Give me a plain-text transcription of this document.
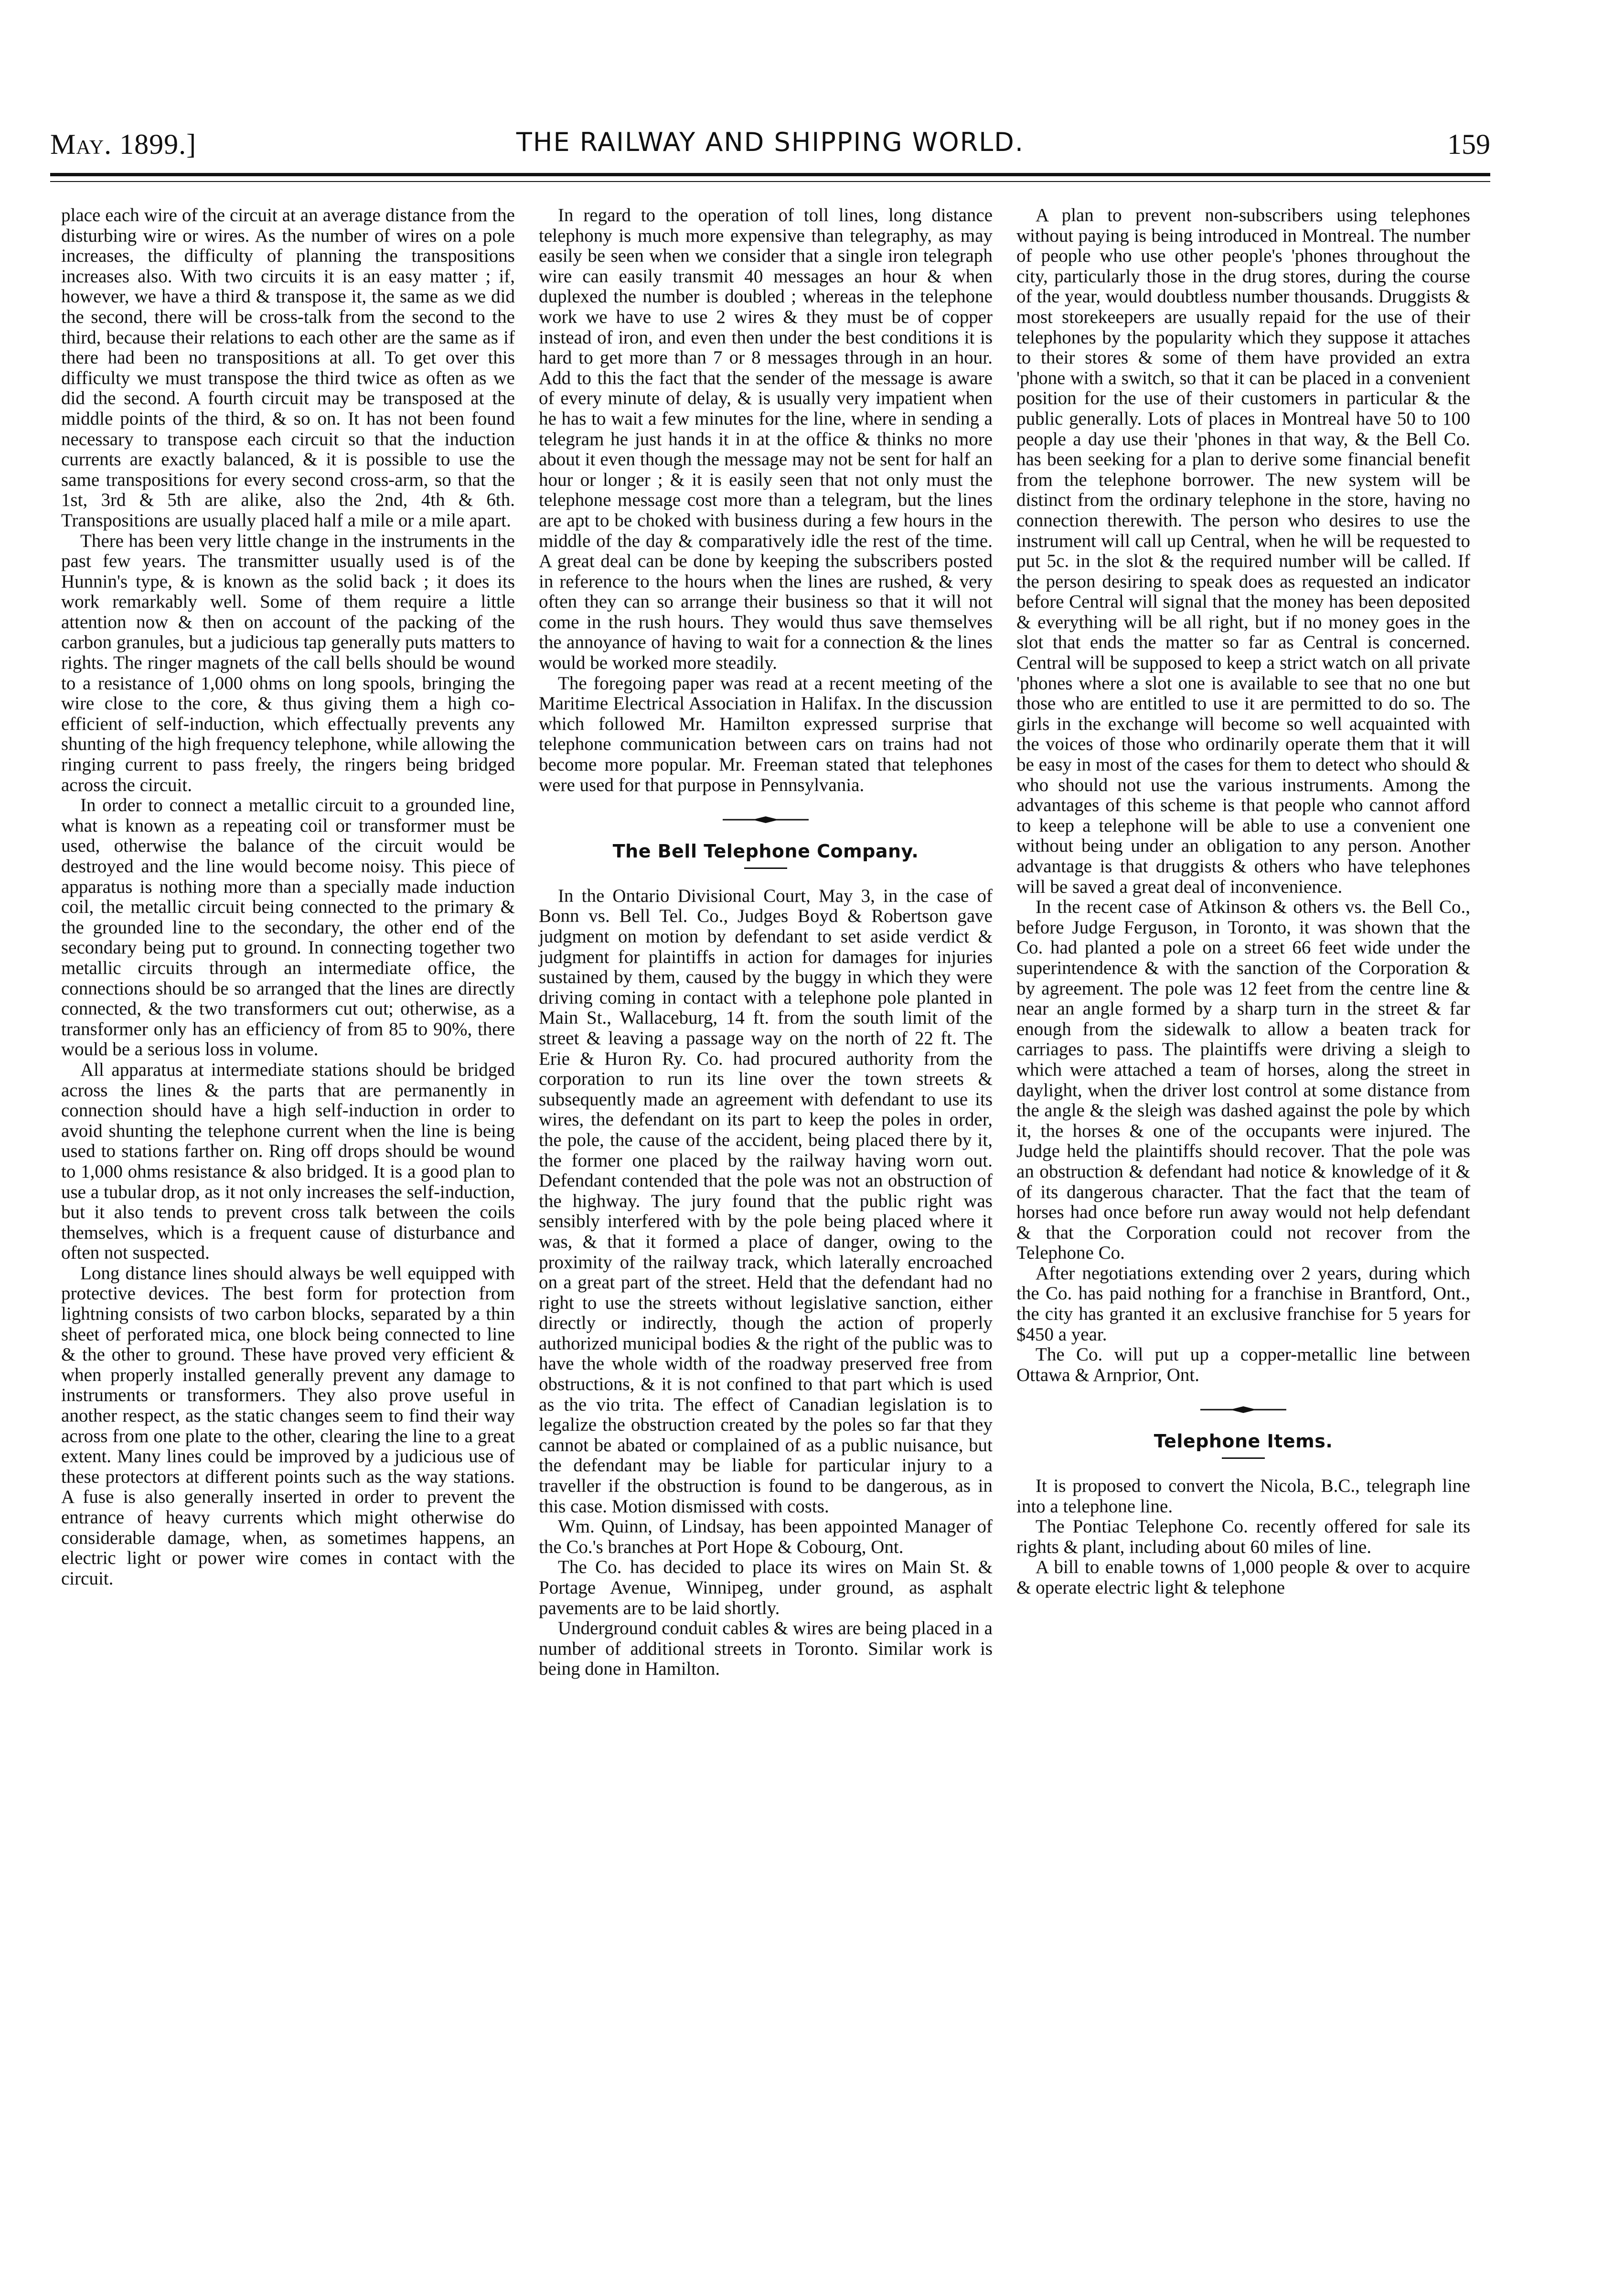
May. 1899.]	THE RAILWAY AND SHIPPING WORLD.	159

place each wire of the circuit at an average distance from the disturbing wire or wires. As the number of wires on a pole increases, the difficulty of planning the transpositions increases also. With two circuits it is an easy matter ; if, however, we have a third & transpose it, the same as we did the second, there will be cross-talk from the second to the third, because their relations to each other are the same as if there had been no transpositions at all. To get over this difficulty we must transpose the third twice as often as we did the second. A fourth circuit may be transposed at the middle points of the third, & so on. It has not been found necessary to transpose each circuit so that the induction currents are exactly balanced, & it is possible to use the same transpositions for every second cross-arm, so that the 1st, 3rd & 5th are alike, also the 2nd, 4th & 6th. Transpositions are usually placed half a mile or a mile apart.

There has been very little change in the instruments in the past few years. The transmitter usually used is of the Hunnin's type, & is known as the solid back ; it does its work remarkably well. Some of them require a little attention now & then on account of the packing of the carbon granules, but a judicious tap generally puts matters to rights. The ringer magnets of the call bells should be wound to a resistance of 1,000 ohms on long spools, bringing the wire close to the core, & thus giving them a high co-efficient of self-induction, which effectually prevents any shunting of the high frequency telephone, while allowing the ringing current to pass freely, the ringers being bridged across the circuit.

In order to connect a metallic circuit to a grounded line, what is known as a repeating coil or transformer must be used, otherwise the balance of the circuit would be destroyed and the line would become noisy. This piece of apparatus is nothing more than a specially made induction coil, the metallic circuit being connected to the primary & the grounded line to the secondary, the other end of the secondary being put to ground. In connecting together two metallic circuits through an intermediate office, the connections should be so arranged that the lines are directly connected, & the two transformers cut out; otherwise, as a transformer only has an efficiency of from 85 to 90%, there would be a serious loss in volume.

All apparatus at intermediate stations should be bridged across the lines & the parts that are permanently in connection should have a high self-induction in order to avoid shunting the telephone current when the line is being used to stations farther on. Ring off drops should be wound to 1,000 ohms resistance & also bridged. It is a good plan to use a tubular drop, as it not only increases the self-induction, but it also tends to prevent cross talk between the coils themselves, which is a frequent cause of disturbance and often not suspected.

Long distance lines should always be well equipped with protective devices. The best form for protection from lightning consists of two carbon blocks, separated by a thin sheet of perforated mica, one block being connected to line & the other to ground. These have proved very efficient & when properly installed generally prevent any damage to instruments or transformers. They also prove useful in another respect, as the static changes seem to find their way across from one plate to the other, clearing the line to a great extent. Many lines could be improved by a judicious use of these protectors at different points such as the way stations. A fuse is also generally inserted in order to prevent the entrance of heavy currents which might otherwise do considerable damage, when, as sometimes happens, an electric light or power wire comes in contact with the circuit.

In regard to the operation of toll lines, long distance telephony is much more expensive than telegraphy, as may easily be seen when we consider that a single iron telegraph wire can easily transmit 40 messages an hour & when duplexed the number is doubled ; whereas in the telephone work we have to use 2 wires & they must be of copper instead of iron, and even then under the best conditions it is hard to get more than 7 or 8 messages through in an hour. Add to this the fact that the sender of the message is aware of every minute of delay, & is usually very impatient when he has to wait a few minutes for the line, where in sending a telegram he just hands it in at the office & thinks no more about it even though the message may not be sent for half an hour or longer ; & it is easily seen that not only must the telephone message cost more than a telegram, but the lines are apt to be choked with business during a few hours in the middle of the day & comparatively idle the rest of the time. A great deal can be done by keeping the subscribers posted in reference to the hours when the lines are rushed, & very often they can so arrange their business so that it will not come in the rush hours. They would thus save themselves the annoyance of having to wait for a connection & the lines would be worked more steadily.

The foregoing paper was read at a recent meeting of the Maritime Electrical Association in Halifax. In the discussion which followed Mr. Hamilton expressed surprise that telephone communication between cars on trains had not become more popular. Mr. Freeman stated that telephones were used for that purpose in Pennsylvania.

The Bell Telephone Company.

In the Ontario Divisional Court, May 3, in the case of Bonn vs. Bell Tel. Co., Judges Boyd & Robertson gave judgment on motion by defendant to set aside verdict & judgment for plaintiffs in action for damages for injuries sustained by them, caused by the buggy in which they were driving coming in contact with a telephone pole planted in Main St., Wallaceburg, 14 ft. from the south limit of the street & leaving a passage way on the north of 22 ft. The Erie & Huron Ry. Co. had procured authority from the corporation to run its line over the town streets & subsequently made an agreement with defendant to use its wires, the defendant on its part to keep the poles in order, the pole, the cause of the accident, being placed there by it, the former one placed by the railway having worn out. Defendant contended that the pole was not an obstruction of the highway. The jury found that the public right was sensibly interfered with by the pole being placed where it was, & that it formed a place of danger, owing to the proximity of the railway track, which laterally encroached on a great part of the street. Held that the defendant had no right to use the streets without legislative sanction, either directly or indirectly, though the action of properly authorized municipal bodies & the right of the public was to have the whole width of the roadway preserved free from obstructions, & it is not confined to that part which is used as the vio trita. The effect of Canadian legislation is to legalize the obstruction created by the poles so far that they cannot be abated or complained of as a public nuisance, but the defendant may be liable for particular injury to a traveller if the obstruction is found to be dangerous, as in this case. Motion dismissed with costs.

Wm. Quinn, of Lindsay, has been appointed Manager of the Co.'s branches at Port Hope & Cobourg, Ont.

The Co. has decided to place its wires on Main St. & Portage Avenue, Winnipeg, under ground, as asphalt pavements are to be laid shortly.

Underground conduit cables & wires are being placed in a number of additional streets in Toronto. Similar work is being done in Hamilton.

A plan to prevent non-subscribers using telephones without paying is being introduced in Montreal. The number of people who use other people's 'phones throughout the city, particularly those in the drug stores, during the course of the year, would doubtless number thousands. Druggists & most storekeepers are usually repaid for the use of their telephones by the popularity which they suppose it attaches to their stores & some of them have provided an extra 'phone with a switch, so that it can be placed in a convenient position for the use of their customers in particular & the public generally. Lots of places in Montreal have 50 to 100 people a day use their 'phones in that way, & the Bell Co. has been seeking for a plan to derive some financial benefit from the telephone borrower. The new system will be distinct from the ordinary telephone in the store, having no connection therewith. The person who desires to use the instrument will call up Central, when he will be requested to put 5c. in the slot & the required number will be called. If the person desiring to speak does as requested an indicator before Central will signal that the money has been deposited & everything will be all right, but if no money goes in the slot that ends the matter so far as Central is concerned. Central will be supposed to keep a strict watch on all private 'phones where a slot one is available to see that no one but those who are entitled to use it are permitted to do so. The girls in the exchange will become so well acquainted with the voices of those who ordinarily operate them that it will be easy in most of the cases for them to detect who should & who should not use the various instruments. Among the advantages of this scheme is that people who cannot afford to keep a telephone will be able to use a convenient one without being under an obligation to any person. Another advantage is that druggists & others who have telephones will be saved a great deal of inconvenience.

In the recent case of Atkinson & others vs. the Bell Co., before Judge Ferguson, in Toronto, it was shown that the Co. had planted a pole on a street 66 feet wide under the superintendence & with the sanction of the Corporation & by agreement. The pole was 12 feet from the centre line & near an angle formed by a sharp turn in the street & far enough from the sidewalk to allow a beaten track for carriages to pass. The plaintiffs were driving a sleigh to which were attached a team of horses, along the street in daylight, when the driver lost control at some distance from the angle & the sleigh was dashed against the pole by which it, the horses & one of the occupants were injured. The Judge held the plaintiffs should recover. That the pole was an obstruction & defendant had notice & knowledge of it & of its dangerous character. That the fact that the team of horses had once before run away would not help defendant & that the Corporation could not recover from the Telephone Co.

After negotiations extending over 2 years, during which the Co. has paid nothing for a franchise in Brantford, Ont., the city has granted it an exclusive franchise for 5 years for $450 a year.

The Co. will put up a copper-metallic line between Ottawa & Arnprior, Ont.

Telephone Items.

It is proposed to convert the Nicola, B.C., telegraph line into a telephone line.

The Pontiac Telephone Co. recently offered for sale its rights & plant, including about 60 miles of line.

A bill to enable towns of 1,000 people & over to acquire & operate electric light & telephone
